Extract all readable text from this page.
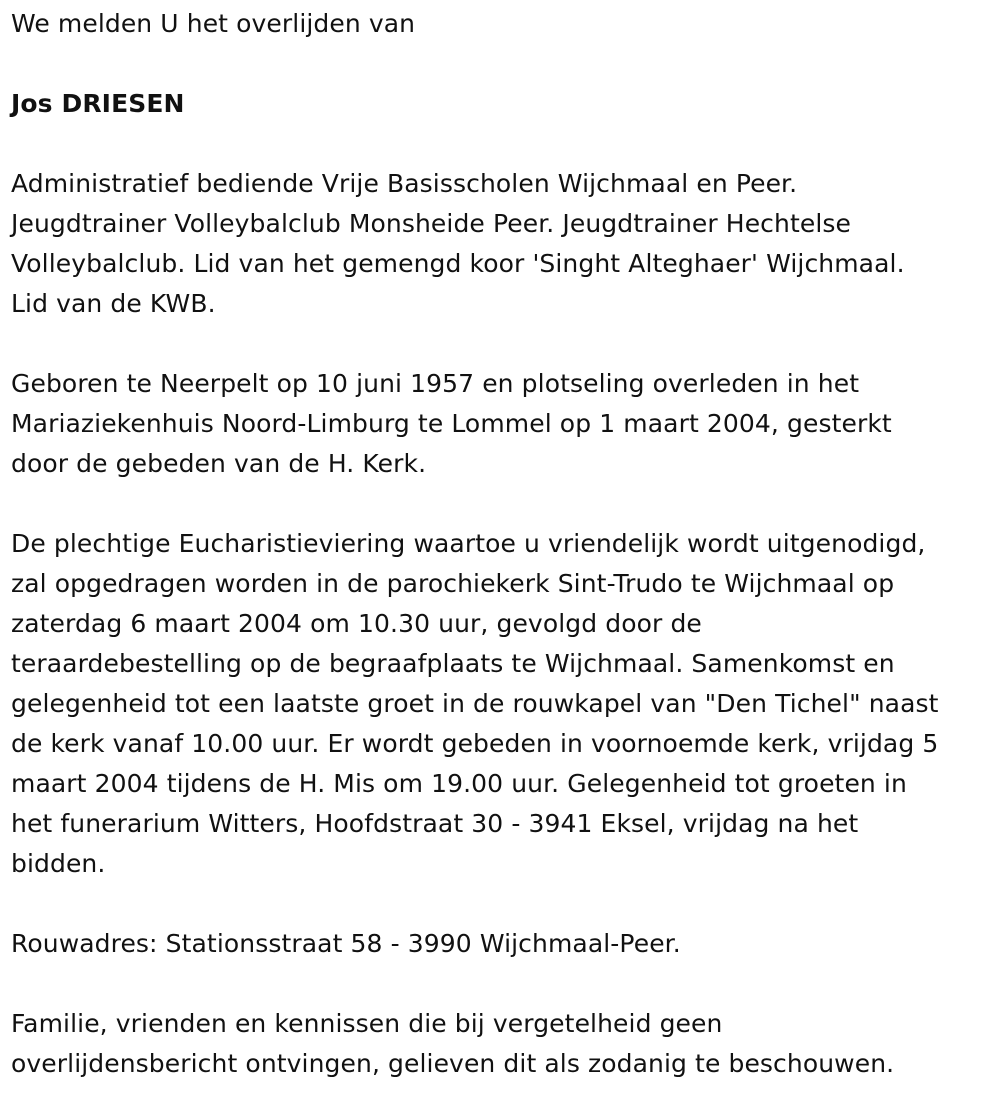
We melden U het overlijden van
Jos DRIESEN
Administratief bediende Vrije Basisscholen Wijchmaal en Peer.
Jeugdtrainer Volleybalclub Monsheide Peer. Jeugdtrainer Hechtelse
Volleybalclub. Lid van het gemengd koor 'Singht Alteghaer' Wijchmaal.
Lid van de KWB.
Geboren te Neerpelt op 10 juni 1957 en plotseling overleden in het
Mariaziekenhuis Noord-Limburg te Lommel op 1 maart 2004, gesterkt
door de gebeden van de H. Kerk.
De plechtige Eucharistieviering waartoe u vriendelijk wordt uitgenodigd,
zal opgedragen worden in de parochiekerk Sint-Trudo te Wijchmaal op
zaterdag 6 maart 2004 om 10.30 uur, gevolgd door de
teraardebestelling op de begraafplaats te Wijchmaal. Samenkomst en
gelegenheid tot een laatste groet in de rouwkapel van "Den Tichel" naast
de kerk vanaf 10.00 uur. Er wordt gebeden in voornoemde kerk, vrijdag 5
maart 2004 tijdens de H. Mis om 19.00 uur. Gelegenheid tot groeten in
het funerarium Witters, Hoofdstraat 30 - 3941 Eksel, vrijdag na het
bidden.
Rouwadres: Stationsstraat 58 - 3990 Wijchmaal-Peer.
Familie, vrienden en kennissen die bij vergetelheid geen
overlijdensbericht ontvingen, gelieven dit als zodanig te beschouwen.
